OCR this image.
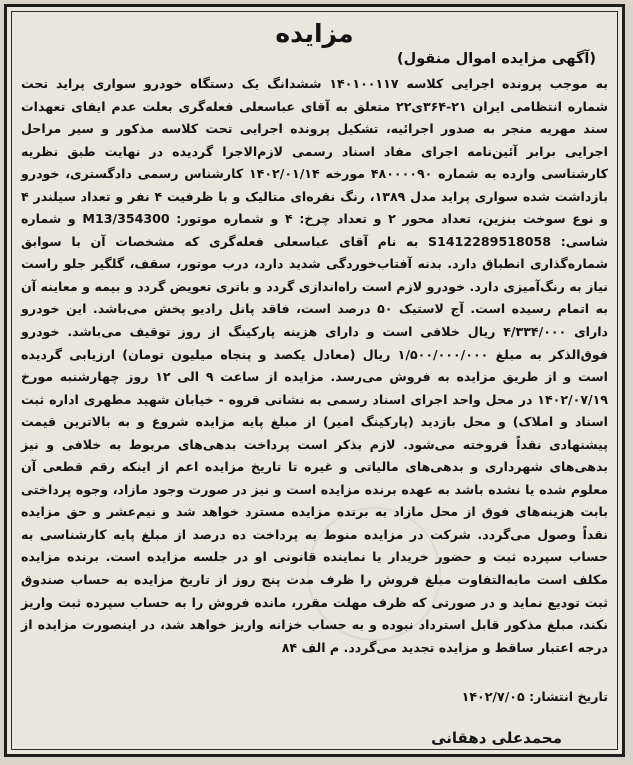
مزایده
(آگهی مزایده اموال منقول)
به موجب پرونده اجرایی کلاسه ۱۴۰۱۰۰۱۱۷ ششدانگ یک دستگاه خودرو سواری پراید تحت شماره انتظامی ایران ۲۱-۳۶۴ی۲۲ متعلق به آقای عباسعلی فعله‌گری بعلت عدم ایفای تعهدات سند مهریه منجر به صدور اجرائیه، تشکیل پرونده اجرایی تحت کلاسه مذکور و سیر مراحل اجرایی برابر آئین‌نامه اجرای مفاد اسناد رسمی لازم‌الاجرا گردیده در نهایت طبق نظریه کارشناسی وارده به شماره ۴۸۰۰۰۰۹۰ مورخه ۱۴۰۲/۰۱/۱۴ کارشناس رسمی دادگستری، خودرو بازداشت شده سواری پراید مدل ۱۳۸۹، رنگ نقره‌ای متالیک و با ظرفیت ۴ نفر و تعداد سیلندر ۴ و نوع سوخت بنزین، تعداد محور ۲ و تعداد چرخ: ۴ و شماره موتور: M13/354300 و شماره شاسی: S1412289518058 به نام آقای عباسعلی فعله‌گری که مشخصات آن با سوابق شماره‌گذاری انطباق دارد. بدنه آفتاب‌خوردگی شدید دارد، درب موتور، سقف، گلگیر جلو راست نیاز به رنگ‌آمیزی دارد. خودرو لازم است راه‌اندازی گردد و باتری تعویض گردد و بیمه و معاینه آن به اتمام رسیده است. آج لاستیک ۵۰ درصد است، فاقد پانل رادیو پخش می‌باشد. این خودرو دارای ۴/۳۳۴/۰۰۰ ریال خلافی است و دارای هزینه پارکینگ از روز توقیف می‌باشد. خودرو فوق‌الذکر به مبلغ ۱/۵۰۰/۰۰۰/۰۰۰ ریال (معادل یکصد و پنجاه میلیون تومان) ارزیابی گردیده است و از طریق مزایده به فروش می‌رسد. مزایده از ساعت ۹ الی ۱۲ روز چهارشنبه مورخ ۱۴۰۲/۰۷/۱۹ در محل واحد اجرای اسناد رسمی به نشانی قروه - خیابان شهید مطهری اداره ثبت اسناد و املاک) و محل بازدید (پارکینگ امیر) از مبلغ پایه مزایده شروع و به بالاترین قیمت پیشنهادی نقداً فروخته می‌شود. لازم بذکر است پرداخت بدهی‌های مربوط به خلافی و نیز بدهی‌های شهرداری و بدهی‌های مالیاتی و غیره تا تاریخ مزایده اعم از اینکه رقم قطعی آن معلوم شده یا نشده باشد به عهده برنده مزایده است و نیز در صورت وجود مازاد، وجوه پرداختی بابت هزینه‌های فوق از محل مازاد به برنده مزایده مسترد خواهد شد و نیم‌عشر و حق مزایده نقداً وصول می‌گردد. شرکت در مزایده منوط به پرداخت ده درصد از مبلغ پایه کارشناسی به حساب سپرده ثبت و حضور خریدار یا نماینده قانونی او در جلسه مزایده است. برنده مزایده مکلف است مابه‌التفاوت مبلغ فروش را ظرف مدت پنج روز از تاریخ مزایده به حساب صندوق ثبت تودیع نماید و در صورتی که ظرف مهلت مقرر، مانده فروش را به حساب سپرده ثبت واریز نکند، مبلغ مذکور قابل استرداد نبوده و به حساب خزانه واریز خواهد شد، در اینصورت مزایده از درجه اعتبار ساقط و مزایده تجدید می‌گردد. م الف ۸۴
تاریخ انتشار: ۱۴۰۲/۷/۰۵
محمدعلی دهقانی
